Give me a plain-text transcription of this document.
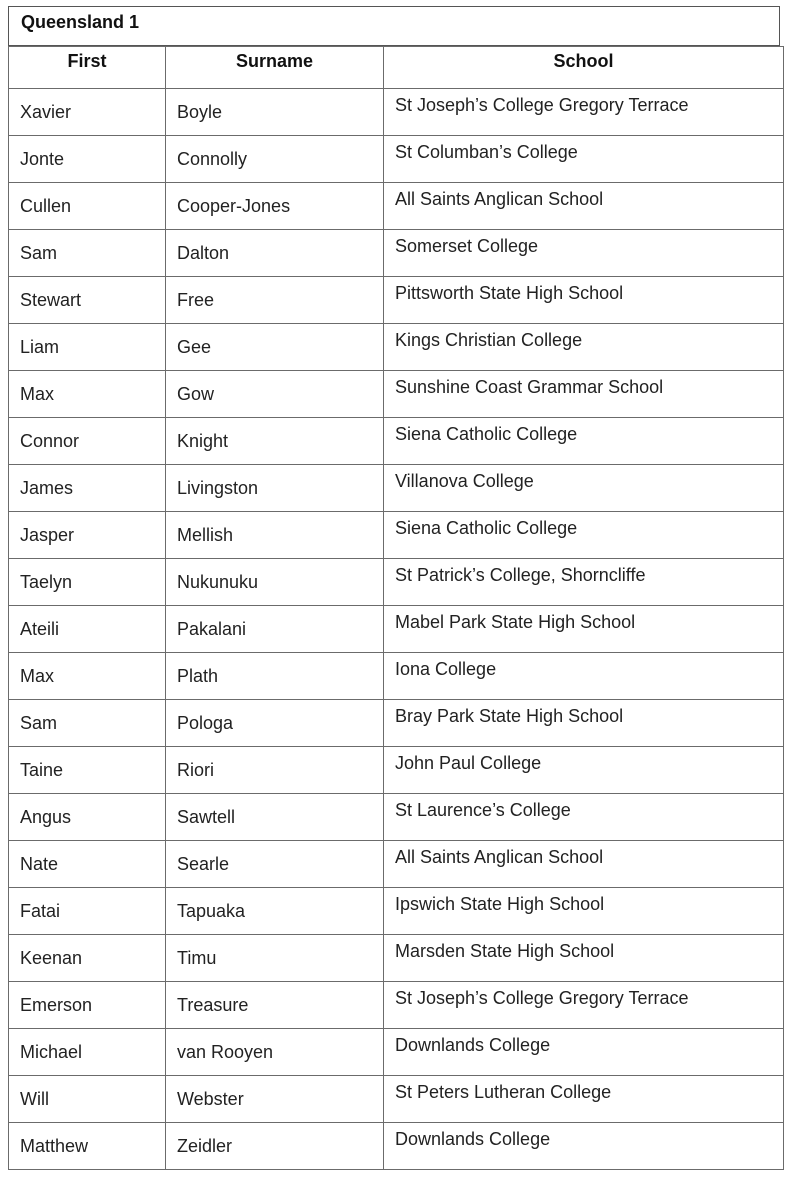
Queensland 1
First	Surname	School
Xavier	Boyle	St Joseph’s College Gregory Terrace
Jonte	Connolly	St Columban’s College
Cullen	Cooper-Jones	All Saints Anglican School
Sam	Dalton	Somerset College
Stewart	Free	Pittsworth State High School
Liam	Gee	Kings Christian College
Max	Gow	Sunshine Coast Grammar School
Connor	Knight	Siena Catholic College
James	Livingston	Villanova College
Jasper	Mellish	Siena Catholic College
Taelyn	Nukunuku	St Patrick’s College, Shorncliffe
Ateili	Pakalani	Mabel Park State High School
Max	Plath	Iona College
Sam	Pologa	Bray Park State High School
Taine	Riori	John Paul College
Angus	Sawtell	St Laurence’s College
Nate	Searle	All Saints Anglican School
Fatai	Tapuaka	Ipswich State High School
Keenan	Timu	Marsden State High School
Emerson	Treasure	St Joseph’s College Gregory Terrace
Michael	van Rooyen	Downlands College
Will	Webster	St Peters Lutheran College
Matthew	Zeidler	Downlands College
